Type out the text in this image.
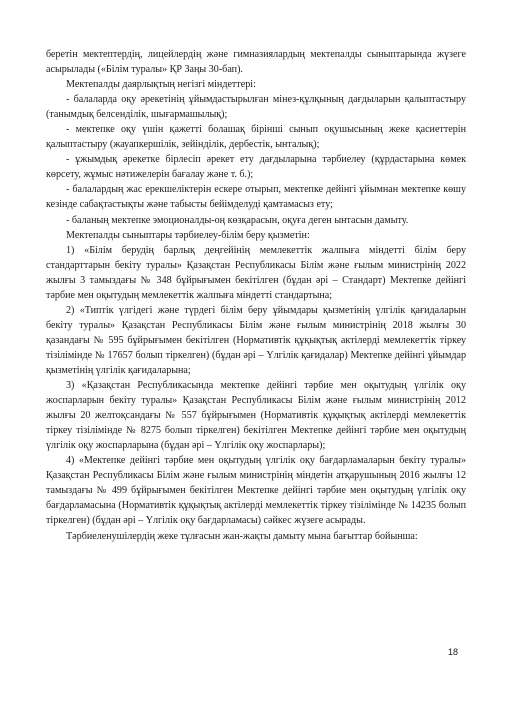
беретін мектептердің, лицейлердің және гимназиялардың мектепалды сыныптарында жүзеге асырылады («Білім туралы» ҚР Заңы 30-бап).

Мектепалды даярлықтың негізгі міндеттері:

- балаларда оқу әрекетінің ұйымдастырылған мінез-құлқының дағдыларын қалыптастыру (танымдық белсенділік, шығармашылық);

- мектепке оқу үшін қажетті болашақ бірінші сынып оқушысының жеке қасиеттерін қалыптастыру (жауапкершілік, зейінділік, дербестік, ынталық);

- ұжымдық әрекетке бірлесіп әрекет ету дағдыларына тәрбиелеу (құрдастарына көмек көрсету, жұмыс нәтижелерін бағалау және т. б.);

- балалардың жас ерекшеліктерін ескере отырып, мектепке дейінгі ұйымнан мектепке көшу кезінде сабақтастықты және табысты бейімделуді қамтамасыз ету;

- баланың мектепке эмоционалды-оң көзқарасын, оқуға деген ынтасын дамыту.

Мектепалды сыныптары тәрбиелеу-білім беру қызметін:

1) «Білім берудің барлық деңгейінің мемлекеттік жалпыға міндетті білім беру стандарттарын бекіту туралы» Қазақстан Республикасы Білім және ғылым министрінің 2022 жылғы 3 тамыздағы № 348 бұйрығымен бекітілген (бұдан әрі – Стандарт) Мектепке дейінгі тәрбие мен оқытудың мемлекеттік жалпыға міндетті стандартына;

2) «Типтік үлгідегі және түрдегі білім беру ұйымдары қызметінің үлгілік қағидаларын бекіту туралы» Қазақстан Республикасы Білім және ғылым министрінің 2018 жылғы 30 қазандағы № 595 бұйрығымен бекітілген (Нормативтік құқықтық актілерді мемлекеттік тіркеу тізілімінде № 17657 болып тіркелген) (бұдан әрі – Үлгілік қағидалар) Мектепке дейінгі ұйымдар қызметінің үлгілік қағидаларына;

3) «Қазақстан Республикасында мектепке дейінгі тәрбие мен оқытудың үлгілік оқу жоспарларын бекіту туралы» Қазақстан Республикасы Білім және ғылым министрінің 2012 жылғы 20 желтоқсандағы № 557 бұйрығымен (Нормативтік құқықтық актілерді мемлекеттік тіркеу тізілімінде № 8275 болып тіркелген) бекітілген Мектепке дейінгі тәрбие мен оқытудың үлгілік оқу жоспарларына (бұдан әрі – Үлгілік оқу жоспарлары);

4) «Мектепке дейінгі тәрбие мен оқытудың үлгілік оқу бағдарламаларын бекіту туралы» Қазақстан Республикасы Білім және ғылым министрінің міндетін атқарушының 2016 жылғы 12 тамыздағы № 499 бұйрығымен бекітілген Мектепке дейінгі тәрбие мен оқытудың үлгілік оқу бағдарламасына (Нормативтік құқықтық актілерді мемлекеттік тіркеу тізілімінде № 14235 болып тіркелген) (бұдан әрі – Үлгілік оқу бағдарламасы) сәйкес жүзеге асырады.

Тәрбиеленушілердің жеке тұлғасын жан-жақты дамыту мына бағыттар бойынша:

18
